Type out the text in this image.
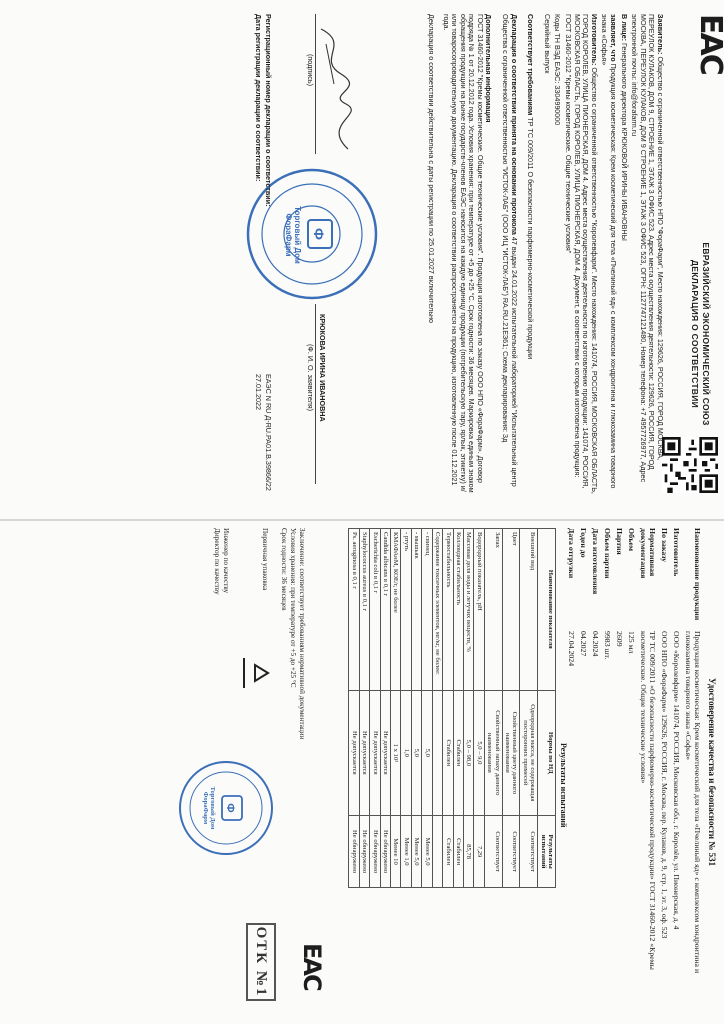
EAC
ЕВРАЗИЙСКИЙ ЭКОНОМИЧЕСКИЙ СОЮЗ
ДЕКЛАРАЦИЯ О СООТВЕТСТВИИ

Заявитель: Общество с ограниченной ответственностью НПО "ФораФарм", Место нахождения: 129626, РОССИЯ, ГОРОД МОСКВА, ПЕРЕУЛОК КУЛАКОВ, ДОМ 9, СТРОЕНИЕ 1, ЭТАЖ 3 ОФИС 523. Адрес места осуществления деятельности: 129626, РОССИЯ, ГОРОД МОСКВА, ПЕРЕУЛОК КУЛАКОВ, ДОМ 9 СТРОЕНИЕ 1, ЭТАЖ 3 ОФИС 523, ОГРН: 1127747121480, Номер телефона: +7 4957726977, Адрес электронной почты: info@forafarm.ru

В лице: Генерального директора КРЮКОВОЙ ИРИНЫ ИВАНОВНЫ

заявляет, что Продукция косметическая: Крем косметический для тела «Пчелиный яд» с комплексом хондроитина и глюкозамина товарного знака «Софья»

Изготовитель: Общество с ограниченной ответственностью "Королевфарм". Место нахождения: 141074, РОССИЯ, МОСКОВСКАЯ ОБЛАСТЬ, ГОРОД КОРОЛЕВ, УЛИЦА ПИОНЕРСКАЯ, ДОМ 4. Адрес места осуществления деятельности по изготовлению продукции: 141074, РОССИЯ, МОСКОВСКАЯ ОБЛАСТЬ, ГОРОД КОРОЛЕВ, УЛИЦА ПИОНЕРСКАЯ, ДОМ 4. Документ, в соответствии с которым изготовлена продукция: ГОСТ 31460-2012 "Кремы косметические. Общие технические условия"

Коды ТН ВЭД ЕАЭС: 3304990000

Серийный выпуск

Соответствует требованиям ТР ТС 009/2011 О безопасности парфюмерно-косметической продукции

Декларация о соответствии принята на основании протокола 47 выдан 24.01.2022 испытательной лабораторией "Испытательный центр Общества с ограниченной ответственностью "ИСТОК-ЛАБ" (ООО ИЦ "ИСТОК-ЛАБ") RA.RU.21ЕЗ61; Схема декларирования: 3д

Дополнительная информация
ГОСТ 31460-2012 "Кремы косметические. Общие технические условия". Продукция изготовлена по заказу ООО НПО «ФораФарм». Договор подряда № 1 от 20.12.2012 года. Условия хранения: при температуре от +5 до +25 °С. Срок годности: 36 месяцев. Маркировка единым знаком обращения продукции на рынке государств-членов ЕАЭС наносится на каждую единицу продукции (потребительскую тару, ярлык, этикетку) и/или товаросопроводительную документацию. Декларация о соответствии распространяется на продукцию, изготовленную после 01.12.2021 года.

Декларация о соответствии действительна с даты регистрации по 25.01.2027 включительно

(подпись)
КРЮКОВА ИРИНА ИВАНОВНА
(Ф. И. О. заявителя)
Ф
Торговый Дом ФораФарм
Регистрационный номер декларации о соответствии:
ЕАЭС N RU Д-RU.РА01.В.39866/22
Дата регистрации декларации о соответствии:
27.01.2022
Удостоверение качества и безопасности № 531
Наименование продукции
Продукция косметическая: Крем косметический для тела «Пчелиный яд» с комплексом хондроитина и глюкозамина товарного знака «Софья»
Изготовитель
ООО «Королевфарм» 141074, РОССИЯ, Московская обл., г. Королёв, ул. Пионерская, д. 4
По заказу
ООО НПО «ФораФарм» 129626, РОССИЯ, г. Москва, пер. Кулаков, д. 9, стр. 1, эт. 3, оф. 523
Нормативная документация
ТР ТС 009/2011 «О безопасности парфюмерно-косметической продукции» ГОСТ 31460-2012 «Кремы косметические. Общие технические условия»
Объем
125 мл
Партия
2609
Объем партии
9983 шт.
Дата изготовления
04.2024
Годен до
04.2027
Дата отгрузки
27.04.2024
Результаты испытаний
Наименование показателя	Нормы по НД	Результаты испытаний
Внешний вид	Однородная масса, не содержащая посторонних примесей	Соответствует
Цвет	Свойственный цвету данного наименования	Соответствует
Запах	Свойственный запаху данного наименования	Соответствует
Водородный показатель, рН	5,0 – 9,0	7,29
Массовая доля воды и летучих веществ, %	5,0 – 98,0	85,78
Коллоидная стабильность	Стабилен	Стабилен
Термостабильность	Стабилен	Стабилен
Содержание токсичных элементов, мг/кг, не более:		
- свинец	5,0	Менее 5,0
- мышьяк	5,0	Менее 5,0
- ртуть	1,0	Менее 1,0
КМАФАнМ, КОЕ/г, не более	1 х 10³	Менее 10
Candida albicans в 0,1 г	Не допускается	Не обнаружено
Escherichia coli в 0,1 г	Не допускается	Не обнаружено
Staphylococcus aureus в 0,1 г	Не допускается	Не обнаружено
Ps. aeruginosa в 0,1 г	Не допускается	Не обнаружено
Заключение: соответствует требованиям нормативной документации
Условия хранения: при температуре от +5 до +25 °С
Срок годности: 36 месяцев
Первичная упаковка
Инженер по качеству
Директор по качеству
Ф
Торговый Дом ФораФарм
EAC
ОТК №1
